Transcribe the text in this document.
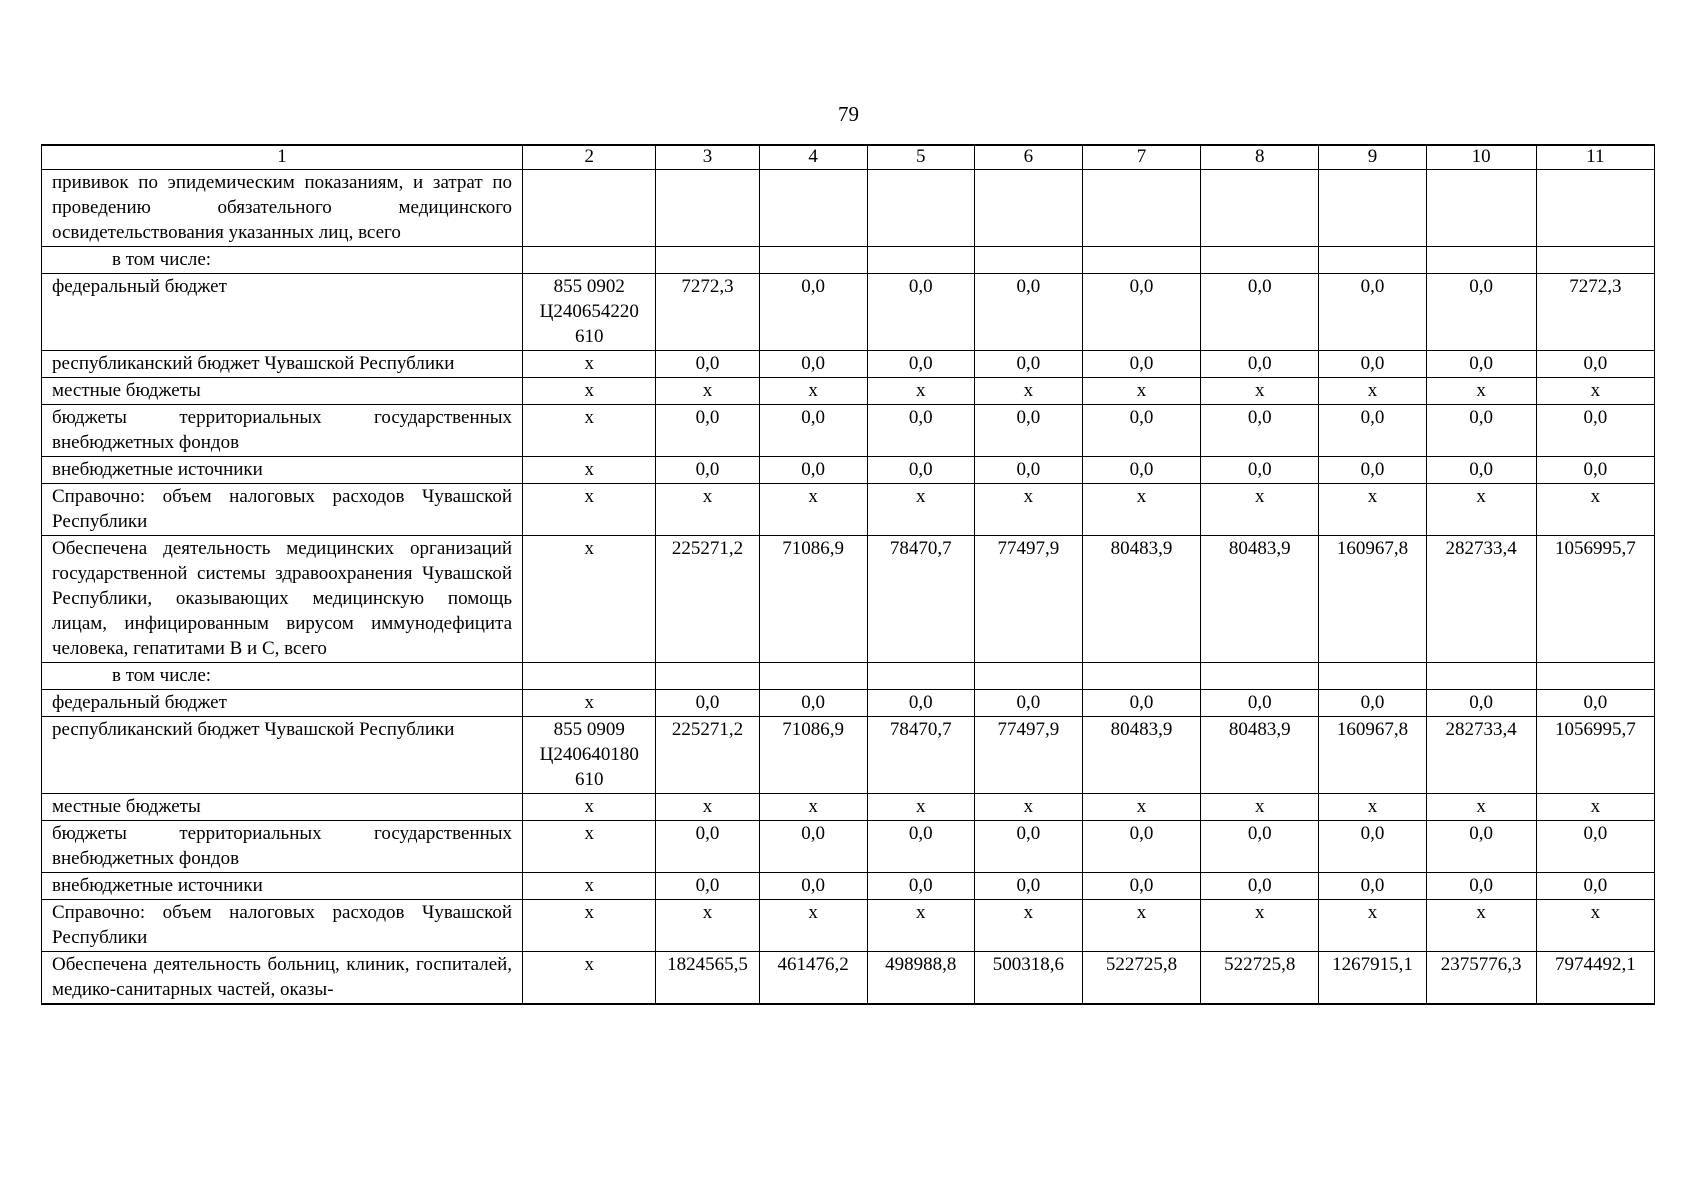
79
1	2	3	4	5	6	7	8	9	10	11
прививок по эпидемическим показаниям, и затрат по проведению обязательного медицинского освидетельствования указанных лиц, всего										
в том числе:										
федеральный бюджет	855 0902 Ц240654220 610	7272,3	0,0	0,0	0,0	0,0	0,0	0,0	0,0	7272,3
республиканский бюджет Чувашской Республики	x	0,0	0,0	0,0	0,0	0,0	0,0	0,0	0,0	0,0
местные бюджеты	x	x	x	x	x	x	x	x	x	x
бюджеты территориальных государственных внебюджетных фондов	x	0,0	0,0	0,0	0,0	0,0	0,0	0,0	0,0	0,0
внебюджетные источники	x	0,0	0,0	0,0	0,0	0,0	0,0	0,0	0,0	0,0
Справочно: объем налоговых расходов Чувашской Республики	x	x	x	x	x	x	x	x	x	x
Обеспечена деятельность медицинских организаций государственной системы здравоохранения Чувашской Республики, оказывающих медицинскую помощь лицам, инфицированным вирусом иммунодефицита человека, гепатитами B и C, всего	x	225271,2	71086,9	78470,7	77497,9	80483,9	80483,9	160967,8	282733,4	1056995,7
в том числе:										
федеральный бюджет	x	0,0	0,0	0,0	0,0	0,0	0,0	0,0	0,0	0,0
республиканский бюджет Чувашской Республики	855 0909 Ц240640180 610	225271,2	71086,9	78470,7	77497,9	80483,9	80483,9	160967,8	282733,4	1056995,7
местные бюджеты	x	x	x	x	x	x	x	x	x	x
бюджеты территориальных государственных внебюджетных фондов	x	0,0	0,0	0,0	0,0	0,0	0,0	0,0	0,0	0,0
внебюджетные источники	x	0,0	0,0	0,0	0,0	0,0	0,0	0,0	0,0	0,0
Справочно: объем налоговых расходов Чувашской Республики	x	x	x	x	x	x	x	x	x	x
Обеспечена деятельность больниц, клиник, госпиталей, медико-санитарных частей, оказы-	x	1824565,5	461476,2	498988,8	500318,6	522725,8	522725,8	1267915,1	2375776,3	7974492,1
